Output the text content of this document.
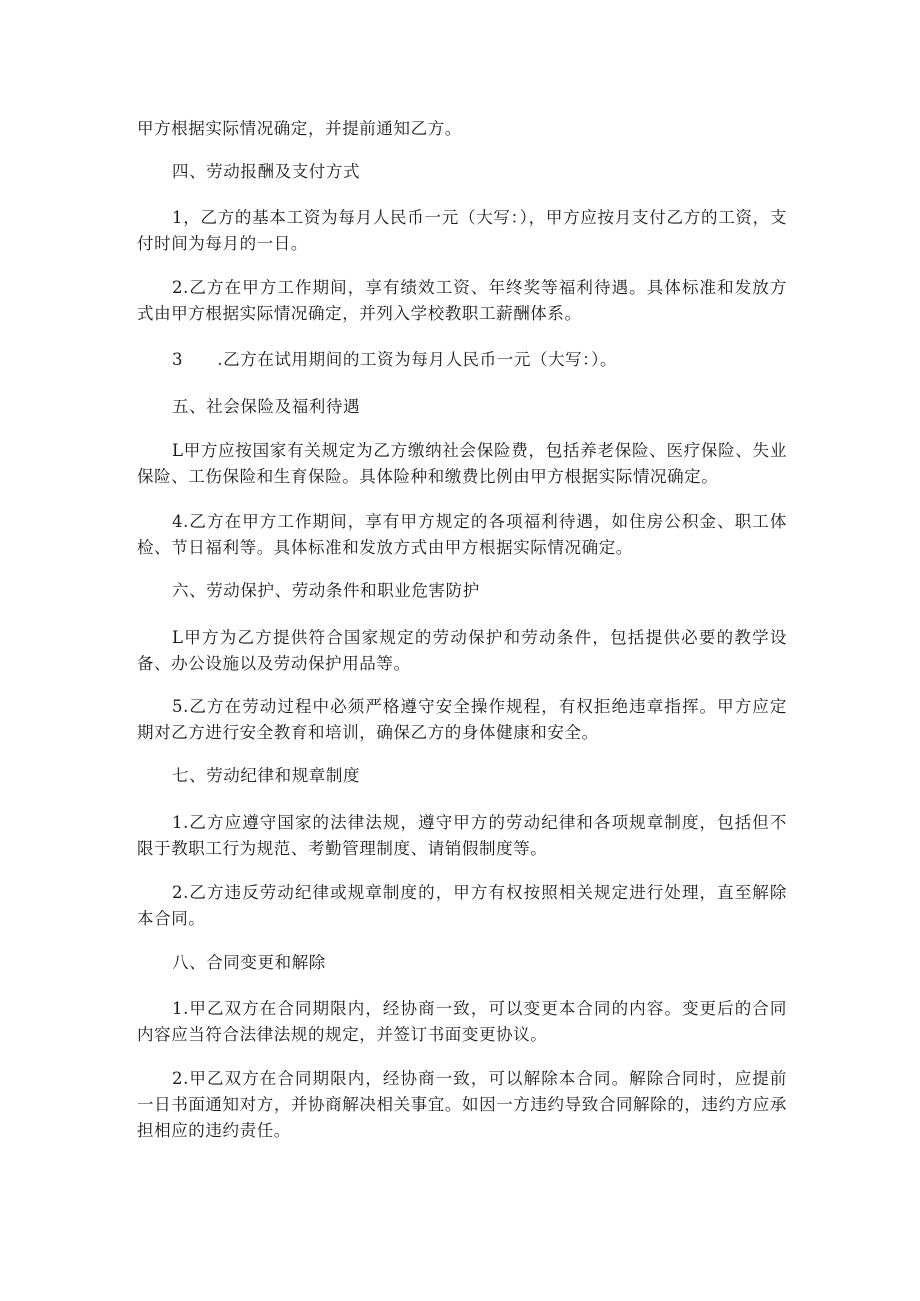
甲方根据实际情况确定，并提前通知乙方。

四、劳动报酬及支付方式

1，乙方的基本工资为每月人民币一元（大写：），甲方应按月支付乙方的工资，支付时间为每月的一日。

2.乙方在甲方工作期间，享有绩效工资、年终奖等福利待遇。具体标准和发放方式由甲方根据实际情况确定，并列入学校教职工薪酬体系。

3　　.乙方在试用期间的工资为每月人民币一元（大写：）。

五、社会保险及福利待遇

L甲方应按国家有关规定为乙方缴纳社会保险费，包括养老保险、医疗保险、失业保险、工伤保险和生育保险。具体险种和缴费比例由甲方根据实际情况确定。

4.乙方在甲方工作期间，享有甲方规定的各项福利待遇，如住房公积金、职工体检、节日福利等。具体标准和发放方式由甲方根据实际情况确定。

六、劳动保护、劳动条件和职业危害防护

L甲方为乙方提供符合国家规定的劳动保护和劳动条件，包括提供必要的教学设备、办公设施以及劳动保护用品等。

5.乙方在劳动过程中必须严格遵守安全操作规程，有权拒绝违章指挥。甲方应定期对乙方进行安全教育和培训，确保乙方的身体健康和安全。

七、劳动纪律和规章制度

1.乙方应遵守国家的法律法规，遵守甲方的劳动纪律和各项规章制度，包括但不限于教职工行为规范、考勤管理制度、请销假制度等。

2.乙方违反劳动纪律或规章制度的，甲方有权按照相关规定进行处理，直至解除本合同。

八、合同变更和解除

1.甲乙双方在合同期限内，经协商一致，可以变更本合同的内容。变更后的合同内容应当符合法律法规的规定，并签订书面变更协议。

2.甲乙双方在合同期限内，经协商一致，可以解除本合同。解除合同时，应提前一日书面通知对方，并协商解决相关事宜。如因一方违约导致合同解除的，违约方应承担相应的违约责任。
